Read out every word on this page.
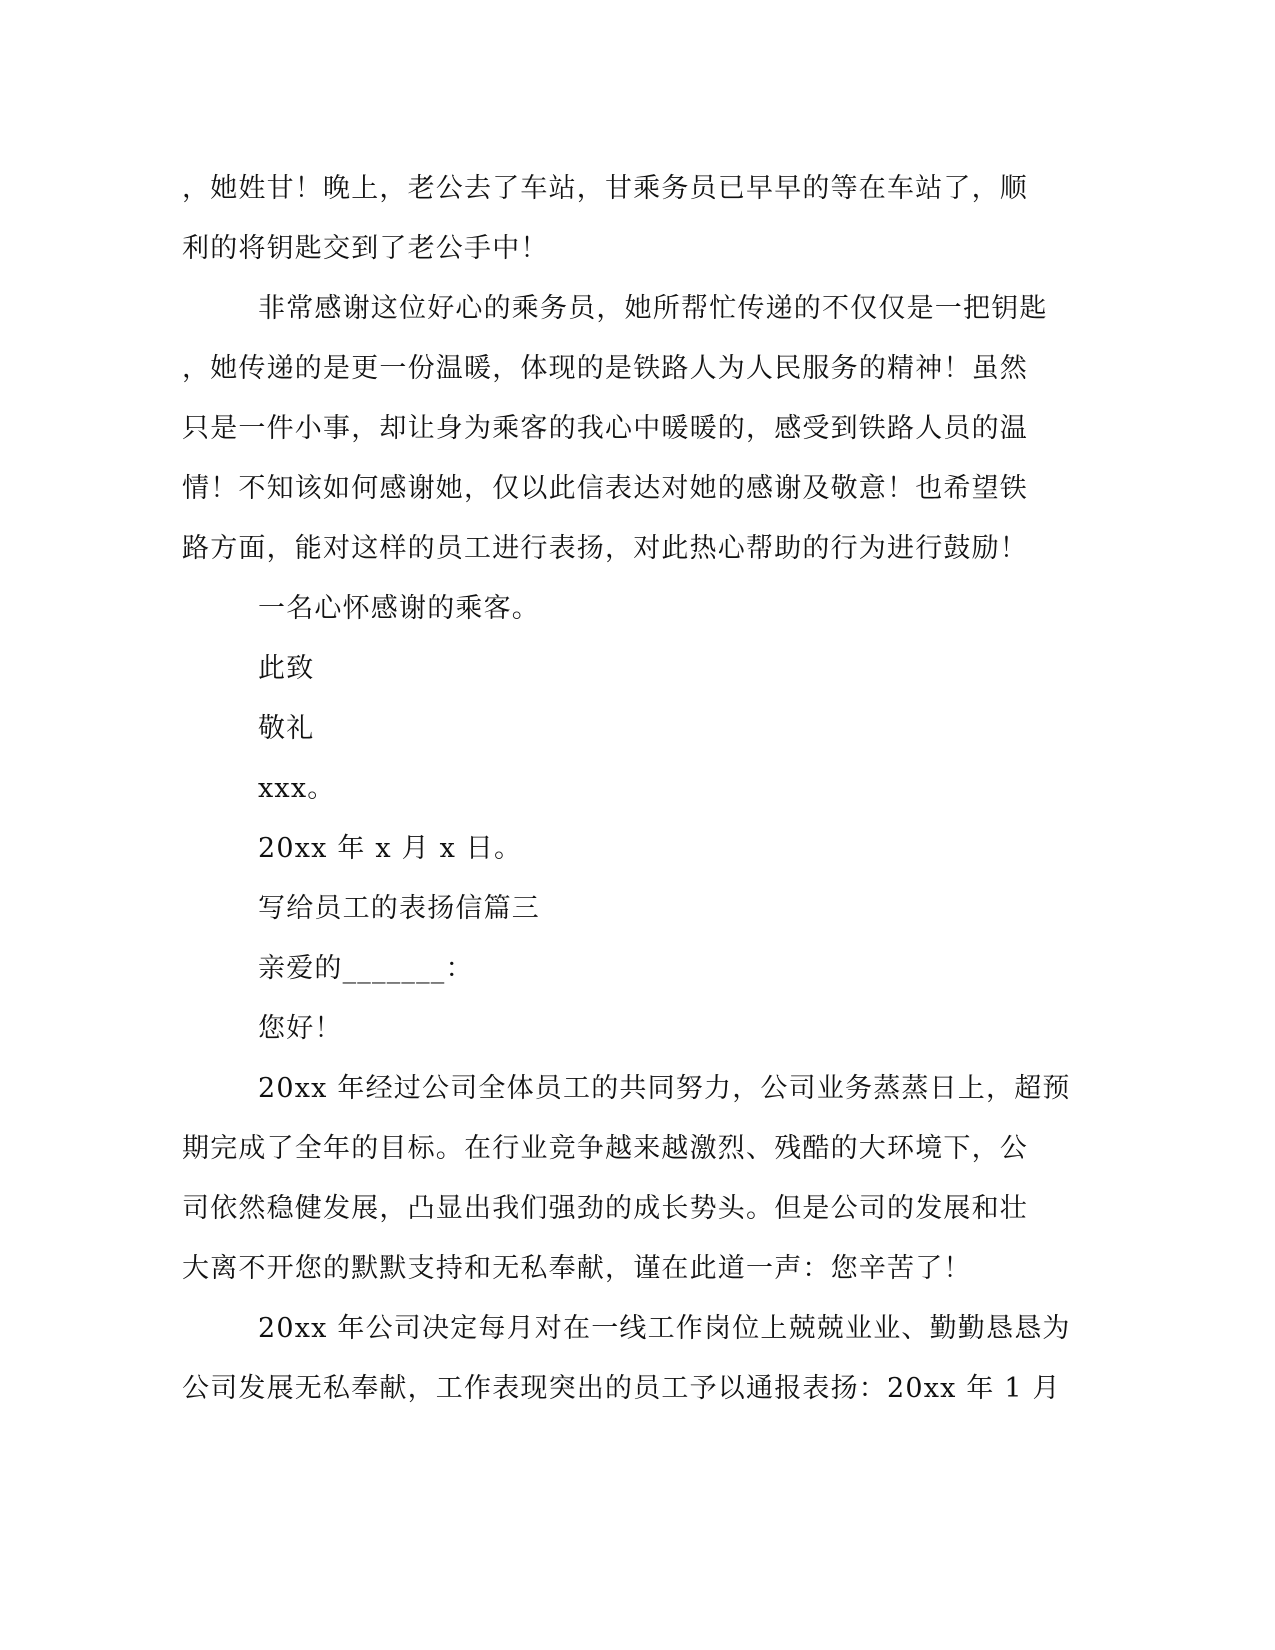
，她姓甘！晚上，老公去了车站，甘乘务员已早早的等在车站了，顺
利的将钥匙交到了老公手中！
非常感谢这位好心的乘务员，她所帮忙传递的不仅仅是一把钥匙
，她传递的是更一份温暖，体现的是铁路人为人民服务的精神！虽然
只是一件小事，却让身为乘客的我心中暖暖的，感受到铁路人员的温
情！不知该如何感谢她，仅以此信表达对她的感谢及敬意！也希望铁
路方面，能对这样的员工进行表扬，对此热心帮助的行为进行鼓励！
一名心怀感谢的乘客。
此致
敬礼
xxx。
20xx 年 x 月 x 日。
写给员工的表扬信篇三
亲爱的_______：
您好！
20xx 年经过公司全体员工的共同努力，公司业务蒸蒸日上，超预
期完成了全年的目标。在行业竞争越来越激烈、残酷的大环境下，公
司依然稳健发展，凸显出我们强劲的成长势头。但是公司的发展和壮
大离不开您的默默支持和无私奉献，谨在此道一声：您辛苦了！
20xx 年公司决定每月对在一线工作岗位上兢兢业业、勤勤恳恳为
公司发展无私奉献，工作表现突出的员工予以通报表扬：20xx 年 1 月
